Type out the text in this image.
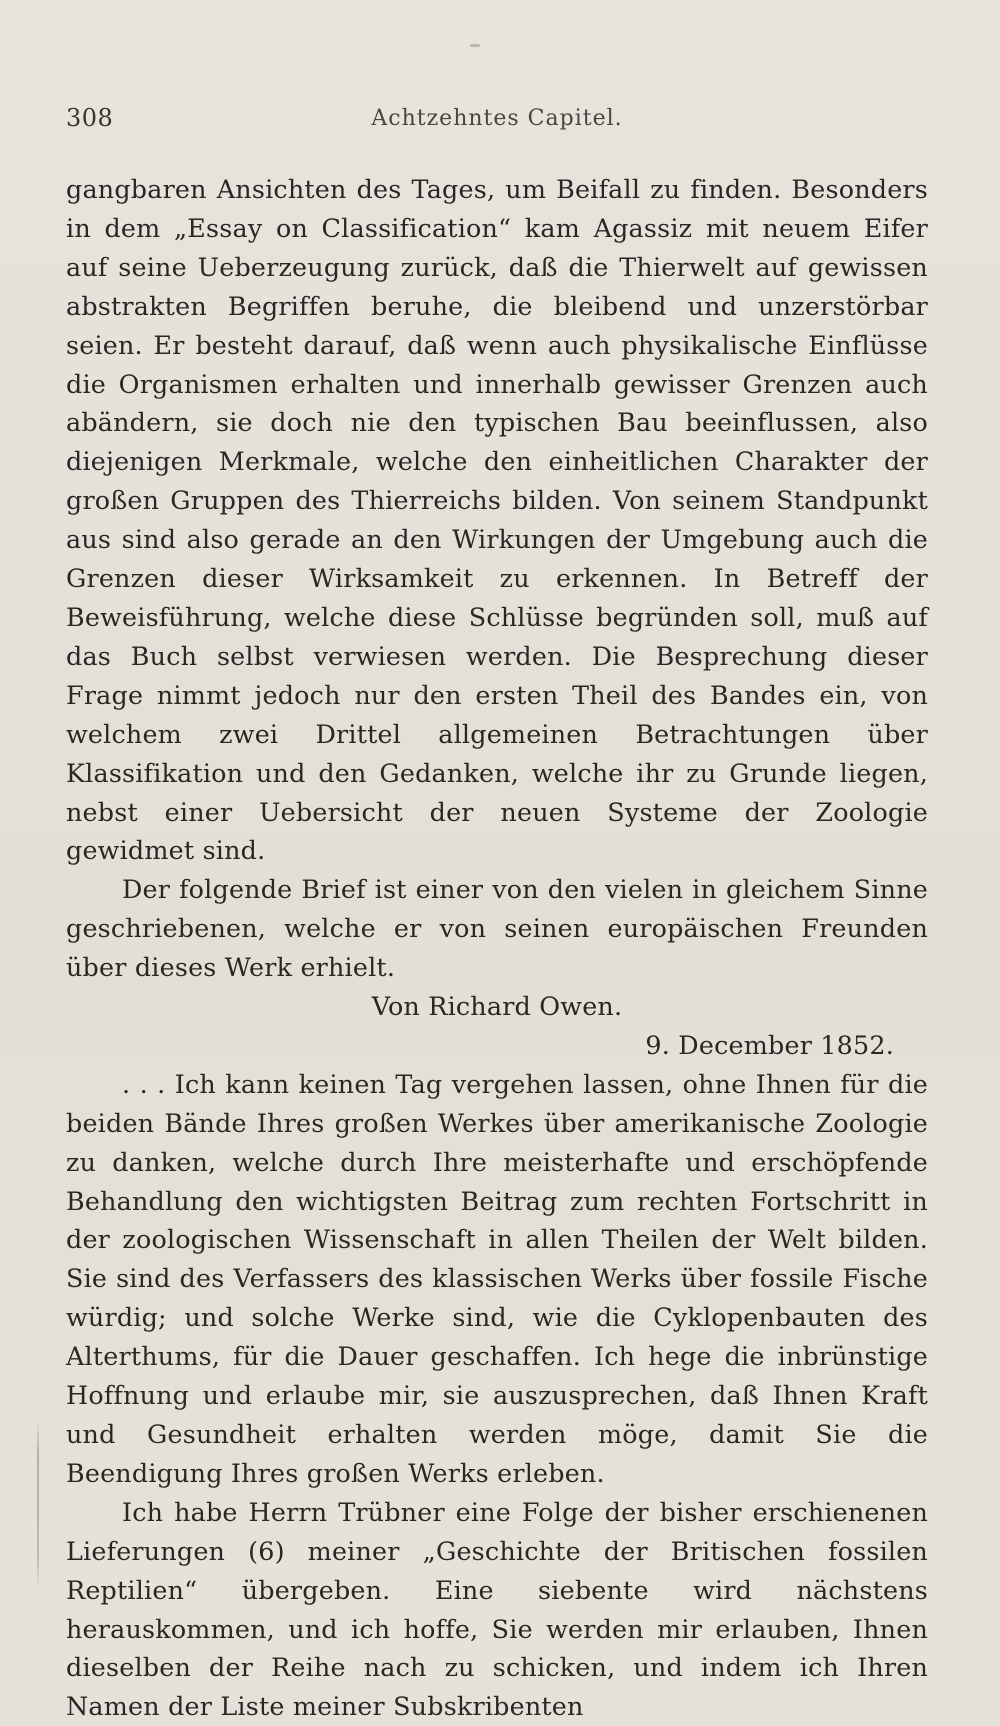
308	Achtzehntes Capitel.

gangbaren Ansichten des Tages, um Beifall zu finden. Besonders in dem „Essay on Classification“ kam Agassiz mit neuem Eifer auf seine Ueberzeugung zurück, daß die Thierwelt auf gewissen abstrakten Begriffen beruhe, die bleibend und unzerstörbar seien. Er besteht darauf, daß wenn auch physikalische Einflüsse die Organismen erhalten und innerhalb gewisser Grenzen auch abändern, sie doch nie den typischen Bau beeinflussen, also diejenigen Merkmale, welche den einheitlichen Charakter der großen Gruppen des Thierreichs bilden. Von seinem Standpunkt aus sind also gerade an den Wirkungen der Umgebung auch die Grenzen dieser Wirksamkeit zu erkennen. In Betreff der Beweisführung, welche diese Schlüsse begründen soll, muß auf das Buch selbst verwiesen werden. Die Besprechung dieser Frage nimmt jedoch nur den ersten Theil des Bandes ein, von welchem zwei Drittel allgemeinen Betrachtungen über Klassifikation und den Gedanken, welche ihr zu Grunde liegen, nebst einer Uebersicht der neuen Systeme der Zoologie gewidmet sind.

Der folgende Brief ist einer von den vielen in gleichem Sinne geschriebenen, welche er von seinen europäischen Freunden über dieses Werk erhielt.

Von Richard Owen.

9. December 1852.

. . . Ich kann keinen Tag vergehen lassen, ohne Ihnen für die beiden Bände Ihres großen Werkes über amerikanische Zoologie zu danken, welche durch Ihre meisterhafte und erschöpfende Behandlung den wichtigsten Beitrag zum rechten Fortschritt in der zoologischen Wissenschaft in allen Theilen der Welt bilden. Sie sind des Verfassers des klassischen Werks über fossile Fische würdig; und solche Werke sind, wie die Cyklopenbauten des Alterthums, für die Dauer geschaffen. Ich hege die inbrünstige Hoffnung und erlaube mir, sie auszusprechen, daß Ihnen Kraft und Gesundheit erhalten werden möge, damit Sie die Beendigung Ihres großen Werks erleben.

Ich habe Herrn Trübner eine Folge der bisher erschienenen Lieferungen (6) meiner „Geschichte der Britischen fossilen Reptilien“ übergeben. Eine siebente wird nächstens herauskommen, und ich hoffe, Sie werden mir erlauben, Ihnen dieselben der Reihe nach zu schicken, und indem ich Ihren Namen der Liste meiner Subskribenten
